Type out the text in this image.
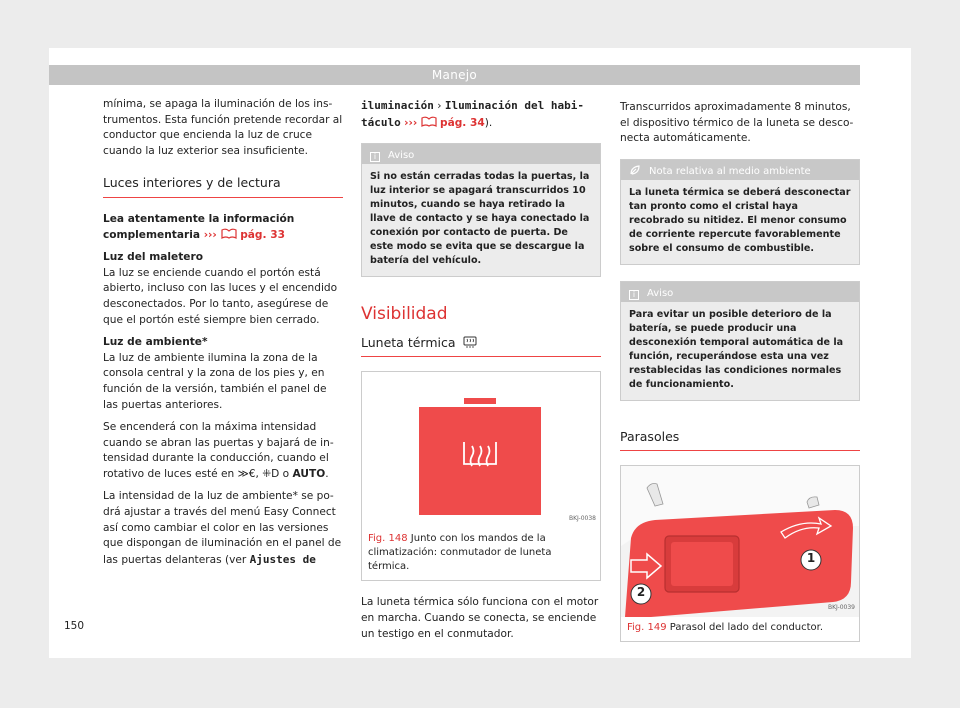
Manejo

mínima, se apaga la iluminación de los instrumentos. Esta función pretende recordar al conductor que encienda la luz de cruce cuando la luz exterior sea insuficiente.

Luces interiores y de lectura

Lea atentamente la información complementaria ››› pág. 33

Luz del maletero

La luz se enciende cuando el portón está abierto, incluso con las luces y el encendido desconectados. Por lo tanto, asegúrese de que el portón esté siempre bien cerrado.

Luz de ambiente*

La luz de ambiente ilumina la zona de la consola central y la zona de los pies y, en función de la versión, también el panel de las puertas anteriores.

Se encenderá con la máxima intensidad cuando se abran las puertas y bajará de intensidad durante la conducción, cuando el rotativo de luces esté en ≫€, ⁜D o AUTO.

La intensidad de la luz de ambiente* se podrá ajustar a través del menú Easy Connect así como cambiar el color en las versiones que dispongan de iluminación en el panel de las puertas delanteras (ver Ajustes de

iluminación › Iluminación del habitáculo ››› pág. 34).

i Aviso
Si no están cerradas todas la puertas, la luz interior se apagará transcurridos 10 minutos, cuando se haya retirado la llave de contacto y se haya conectado la conexión por contacto de puerta. De este modo se evita que se descargue la batería del vehículo.
Visibilidad
Luneta térmica
BKJ-0038
Fig. 148 Junto con los mandos de la climatización: conmutador de luneta térmica.

La luneta térmica sólo funciona con el motor en marcha. Cuando se conecta, se enciende un testigo en el conmutador.

Transcurridos aproximadamente 8 minutos, el dispositivo térmico de la luneta se desconecta automáticamente.

Nota relativa al medio ambiente
La luneta térmica se deberá desconectar tan pronto como el cristal haya recobrado su nitidez. El menor consumo de corriente repercute favorablemente sobre el consumo de combustible.
i Aviso
Para evitar un posible deterioro de la batería, se puede producir una desconexión temporal automática de la función, recuperándose esta una vez restablecidas las condiciones normales de funcionamiento.
Parasoles
1
2
BKJ-0039
Fig. 149 Parasol del lado del conductor.
150
